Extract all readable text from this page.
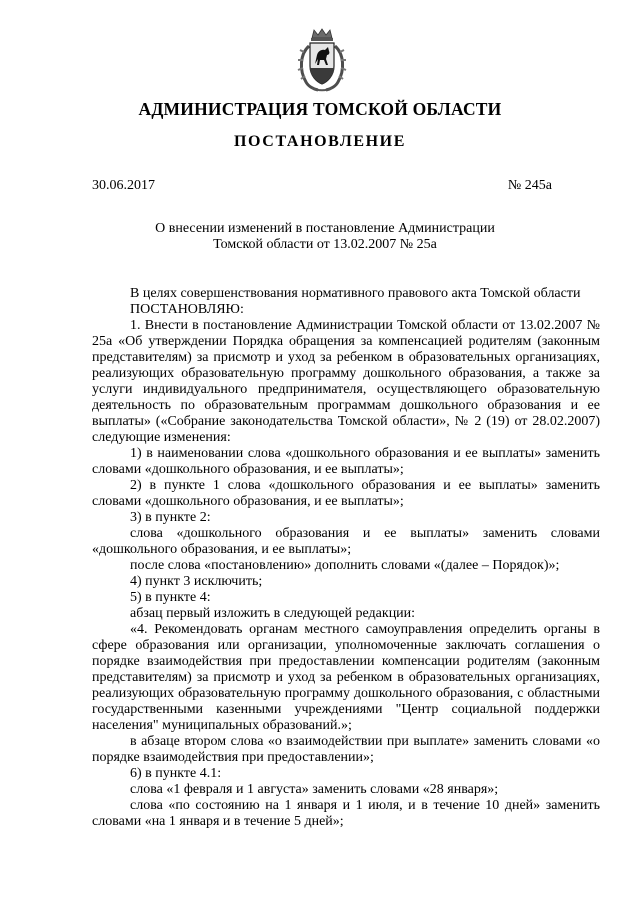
АДМИНИСТРАЦИЯ ТОМСКОЙ ОБЛАСТИ
ПОСТАНОВЛЕНИЕ
30.06.2017	№ 245а
О внесении изменений в постановление Администрации
Томской области от 13.02.2007 № 25а

В целях совершенствования нормативного правового акта Томской области

ПОСТАНОВЛЯЮ:

1. Внести в постановление Администрации Томской области от 13.02.2007 № 25а «Об утверждении Порядка обращения за компенсацией родителям (законным представителям) за присмотр и уход за ребенком в образовательных организациях, реализующих образовательную программу дошкольного образования, а также за услуги индивидуального предпринимателя, осуществляющего образовательную деятельность по образовательным программам дошкольного образования и ее выплаты» («Собрание законодательства Томской области», № 2 (19) от 28.02.2007) следующие изменения:

1) в наименовании слова «дошкольного образования и ее выплаты» заменить словами «дошкольного образования, и ее выплаты»;

2) в пункте 1 слова «дошкольного образования и ее выплаты» заменить словами «дошкольного образования, и ее выплаты»;

3) в пункте 2:

слова «дошкольного образования и ее выплаты» заменить словами «дошкольного образования, и ее выплаты»;

после слова «постановлению» дополнить словами «(далее – Порядок)»;

4) пункт 3 исключить;

5) в пункте 4:

абзац первый изложить в следующей редакции:

«4. Рекомендовать органам местного самоуправления определить органы в сфере образования или организации, уполномоченные заключать соглашения о порядке взаимодействия при предоставлении компенсации родителям (законным представителям) за присмотр и уход за ребенком в образовательных организациях, реализующих образовательную программу дошкольного образования, с областными государственными казенными учреждениями "Центр социальной поддержки населения" муниципальных образований.»;

в абзаце втором слова «о взаимодействии при выплате» заменить словами «о порядке взаимодействия при предоставлении»;

6) в пункте 4.1:

слова «1 февраля и 1 августа» заменить словами «28 января»;

слова «по состоянию на 1 января и 1 июля, и в течение 10 дней» заменить словами «на 1 января и в течение 5 дней»;
